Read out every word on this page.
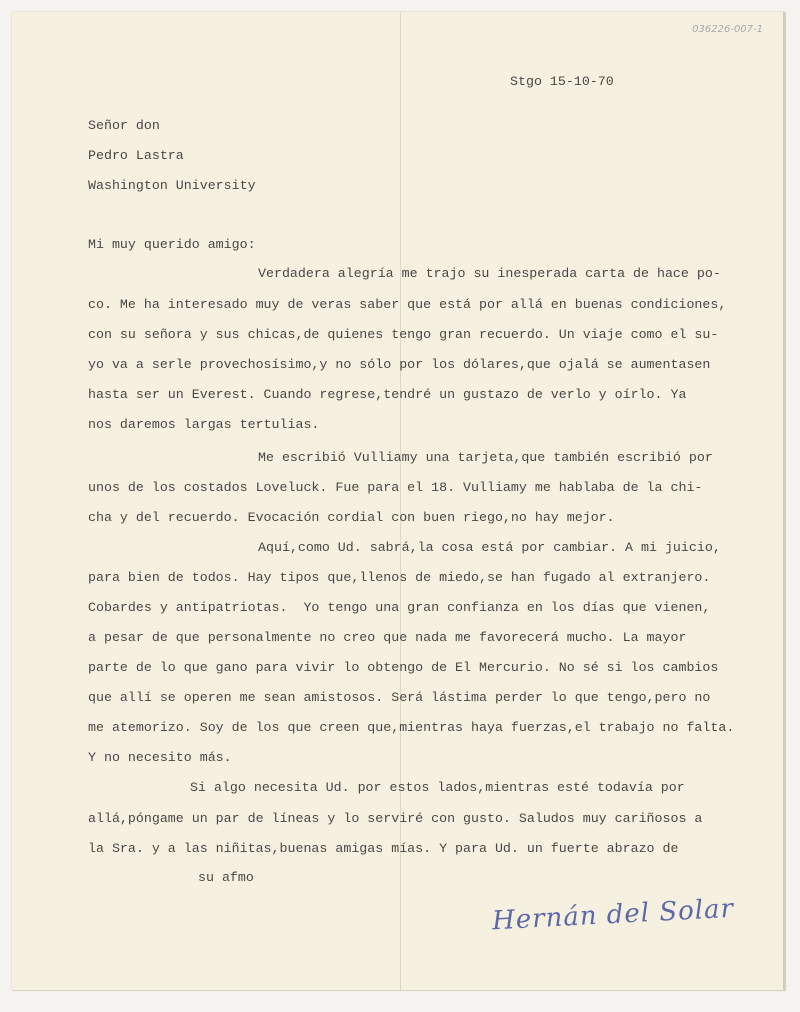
036226-007-1
Stgo 15-10-70
Señor don
Pedro Lastra
Washington University
Mi muy querido amigo:
Verdadera alegría me trajo su inesperada carta de hace po-
co. Me ha interesado muy de veras saber que está por allá en buenas condiciones,
con su señora y sus chicas,de quienes tengo gran recuerdo. Un viaje como el su-
yo va a serle provechosísimo,y no sólo por los dólares,que ojalá se aumentasen
hasta ser un Everest. Cuando regrese,tendré un gustazo de verlo y oírlo. Ya
nos daremos largas tertulias.
Me escribió Vulliamy una tarjeta,que también escribió por
unos de los costados Loveluck. Fue para el 18. Vulliamy me hablaba de la chi-
cha y del recuerdo. Evocación cordial con buen riego,no hay mejor.
Aquí,como Ud. sabrá,la cosa está por cambiar. A mi juicio,
para bien de todos. Hay tipos que,llenos de miedo,se han fugado al extranjero.
Cobardes y antipatriotas.  Yo tengo una gran confianza en los días que vienen,
a pesar de que personalmente no creo que nada me favorecerá mucho. La mayor
parte de lo que gano para vivir lo obtengo de El Mercurio. No sé si los cambios
que allí se operen me sean amistosos. Será lástima perder lo que tengo,pero no
me atemorizo. Soy de los que creen que,mientras haya fuerzas,el trabajo no falta.
Y no necesito más.
Si algo necesita Ud. por estos lados,mientras esté todavía por
allá,póngame un par de líneas y lo serviré con gusto. Saludos muy cariñosos a
la Sra. y a las niñitas,buenas amigas mías. Y para Ud. un fuerte abrazo de
su afmo
Hernán del Solar
